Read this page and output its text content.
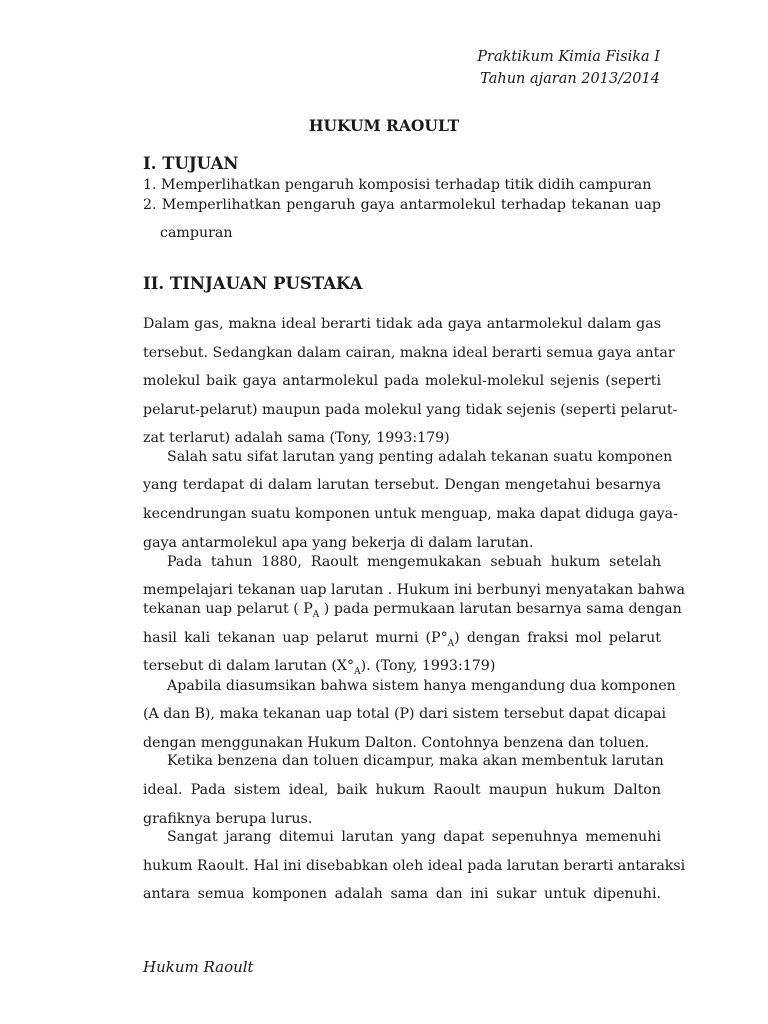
Praktikum Kimia Fisika I
Tahun ajaran 2013/2014
HUKUM RAOULT
I. TUJUAN
1. Memperlihatkan pengaruh komposisi terhadap titik didih campuran
2. Memperlihatkan pengaruh gaya antarmolekul terhadap tekanan uap
campuran
II. TINJAUAN PUSTAKA
Dalam gas, makna ideal berarti tidak ada gaya antarmolekul dalam gas
tersebut. Sedangkan dalam cairan, makna ideal berarti semua gaya antar
molekul baik gaya antarmolekul pada molekul-molekul sejenis (seperti
pelarut-pelarut) maupun pada molekul yang tidak sejenis (seperti pelarut-
zat terlarut) adalah sama (Tony, 1993:179)
Salah satu sifat larutan yang penting adalah tekanan suatu komponen
yang terdapat di dalam larutan tersebut. Dengan mengetahui besarnya
kecendrungan suatu komponen untuk menguap, maka dapat diduga gaya-
gaya antarmolekul apa yang bekerja di dalam larutan.
Pada tahun 1880, Raoult mengemukakan sebuah hukum setelah
mempelajari tekanan uap larutan . Hukum ini berbunyi menyatakan bahwa
tekanan uap pelarut ( $P_A$ ) pada permukaan larutan besarnya sama dengan
hasil kali tekanan uap pelarut murni $(P^\circ_A)$ dengan fraksi mol pelarut
tersebut di dalam larutan $(X^\circ_A)$. (Tony, 1993:179)
Apabila diasumsikan bahwa sistem hanya mengandung dua komponen
(A dan B), maka tekanan uap total (P) dari sistem tersebut dapat dicapai
dengan menggunakan Hukum Dalton. Contohnya benzena dan toluen.
Ketika benzena dan toluen dicampur, maka akan membentuk larutan
ideal. Pada sistem ideal, baik hukum Raoult maupun hukum Dalton
grafiknya berupa lurus.
Sangat jarang ditemui larutan yang dapat sepenuhnya memenuhi
hukum Raoult. Hal ini disebabkan oleh ideal pada larutan berarti antaraksi
antara semua komponen adalah sama dan ini sukar untuk dipenuhi.
Hukum Raoult
